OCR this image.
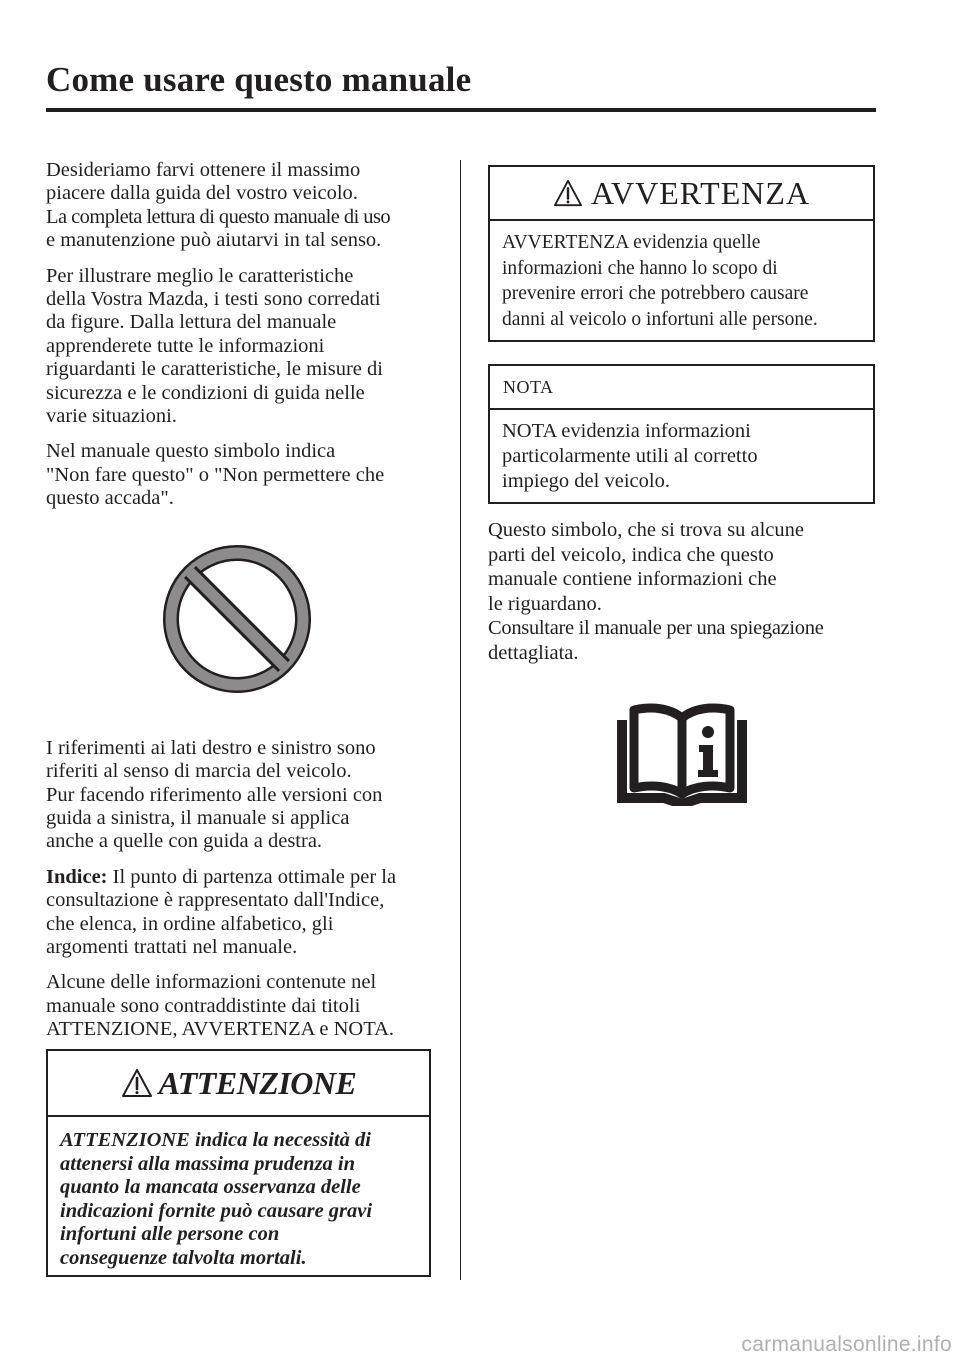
Come usare questo manuale

Desideriamo farvi ottenere il massimo
piacere dalla guida del vostro veicolo.
La completa lettura di questo manuale di uso
e manutenzione può aiutarvi in tal senso.

Per illustrare meglio le caratteristiche
della Vostra Mazda, i testi sono corredati
da figure. Dalla lettura del manuale
apprenderete tutte le informazioni
riguardanti le caratteristiche, le misure di
sicurezza e le condizioni di guida nelle
varie situazioni.

Nel manuale questo simbolo indica
"Non fare questo" o "Non permettere che
questo accada".

I riferimenti ai lati destro e sinistro sono
riferiti al senso di marcia del veicolo.
Pur facendo riferimento alle versioni con
guida a sinistra, il manuale si applica
anche a quelle con guida a destra.

Indice: Il punto di partenza ottimale per la
consultazione è rappresentato dall'Indice,
che elenca, in ordine alfabetico, gli
argomenti trattati nel manuale.

Alcune delle informazioni contenute nel
manuale sono contraddistinte dai titoli
ATTENZIONE, AVVERTENZA e NOTA.

ATTENZIONE
ATTENZIONE indica la necessità di
attenersi alla massima prudenza in
quanto la mancata osservanza delle
indicazioni fornite può causare gravi
infortuni alle persone con
conseguenze talvolta mortali.
AVVERTENZA
AVVERTENZA evidenzia quelle
informazioni che hanno lo scopo di
prevenire errori che potrebbero causare
danni al veicolo o infortuni alle persone.
NOTA
NOTA evidenzia informazioni
particolarmente utili al corretto
impiego del veicolo.

Questo simbolo, che si trova su alcune
parti del veicolo, indica che questo
manuale contiene informazioni che
le riguardano.
Consultare il manuale per una spiegazione
dettagliata.

carmanualsonline.info
